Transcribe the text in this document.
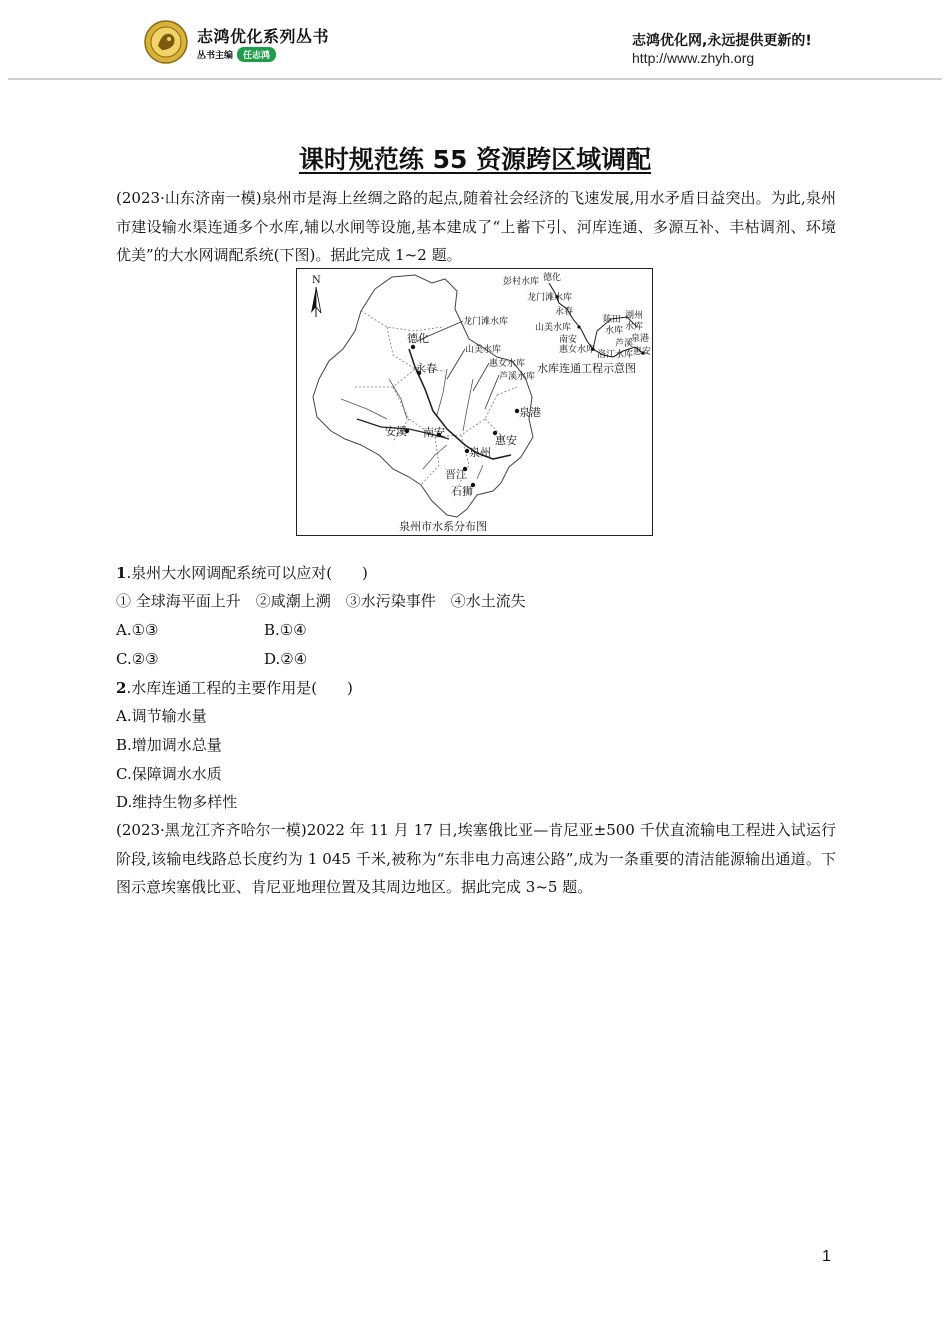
志鸿优化系列丛书
丛书主编	任志鸿
志鸿优化网,永远提供更新的!
http://www.zhyh.org
课时规范练 55 资源跨区域调配
(2023·山东济南一模)泉州市是海上丝绸之路的起点,随着社会经济的飞速发展,用水矛盾日益突出。为此,泉州市建设输水渠连通多个水库,辅以水闸等设施,基本建成了“上蓄下引、河库连通、多源互补、丰枯调剂、环境优美”的大水网调配系统(下图)。据此完成 1~2 题。
德化
永春
安溪 南安
泉州
晋江
石狮
惠安
泉港
龙门滩水库
山美水库
惠女水库
芦溪水库
彭村水库 德化
龙门滩水库
永春
山美水库
南安
惠女水库
陈田
水库
湖州
水库
芦溪
泉港
洛江 水库 惠安
水库连通工程示意图
N
泉州市水系分布图
1.泉州大水网调配系统可以应对(　　)
① 全球海平面上升　②咸潮上溯　③水污染事件　④水土流失
A.①③	B.①④
C.②③	D.②④
2.水库连通工程的主要作用是(　　)
A.调节输水量
B.增加调水总量
C.保障调水水质
D.维持生物多样性
(2023·黑龙江齐齐哈尔一模)2022 年 11 月 17 日,埃塞俄比亚—肯尼亚±500 千伏直流输电工程进入试运行阶段,该输电线路总长度约为 1 045 千米,被称为“东非电力高速公路”,成为一条重要的清洁能源输出通道。下图示意埃塞俄比亚、肯尼亚地理位置及其周边地区。据此完成 3~5 题。
1
